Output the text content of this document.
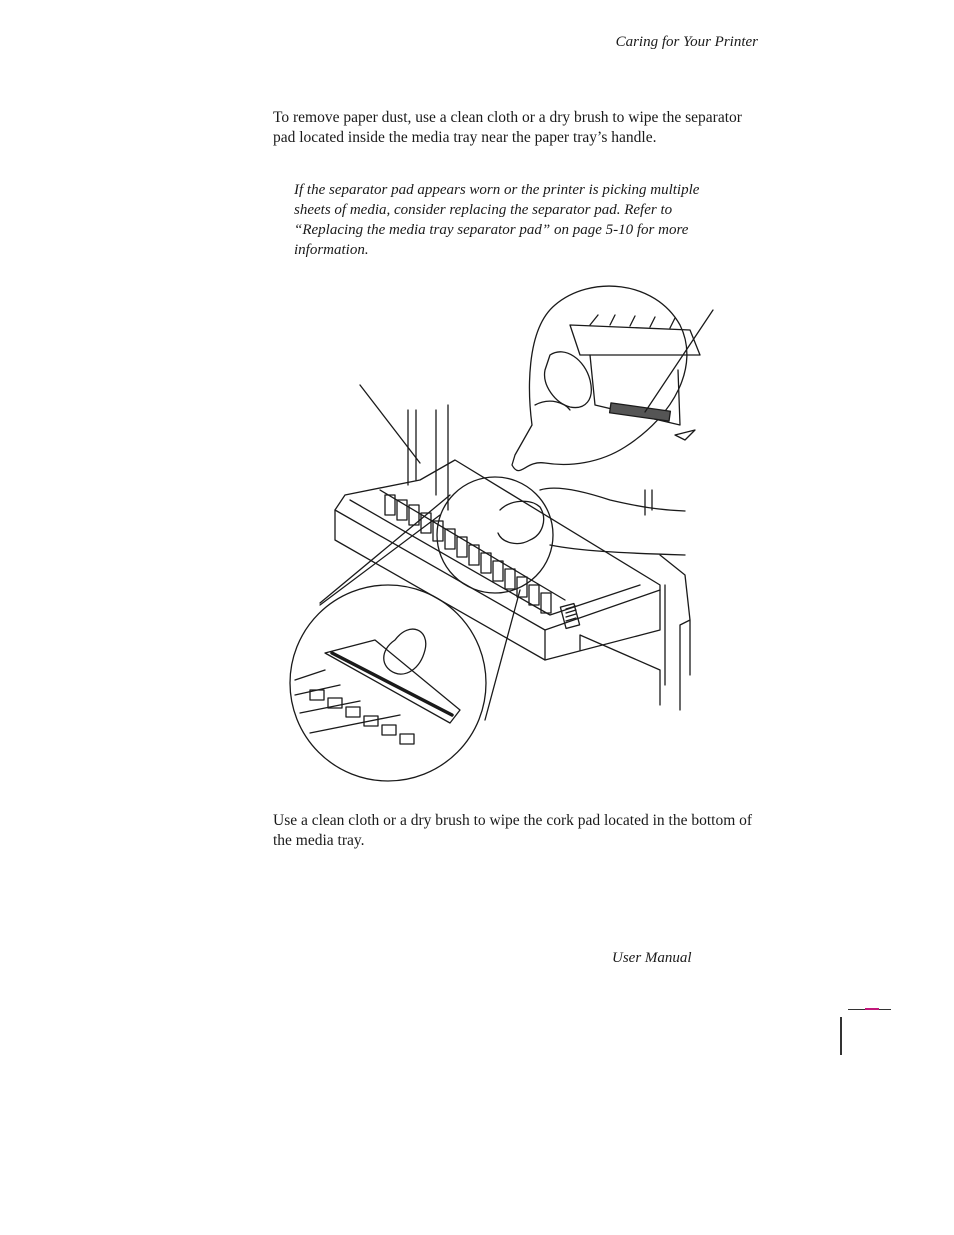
Caring for Your Printer
To remove paper dust, use a clean cloth or a dry brush to wipe the separator pad located inside the media tray near the paper tray’s handle.
If the separator pad appears worn or the printer is picking multiple sheets of media, consider replacing the separator pad. Refer to “Replacing the media tray separator pad” on page 5-10 for more information.
Use a clean cloth or a dry brush to wipe the cork pad located in the bottom of the media tray.
User Manual
